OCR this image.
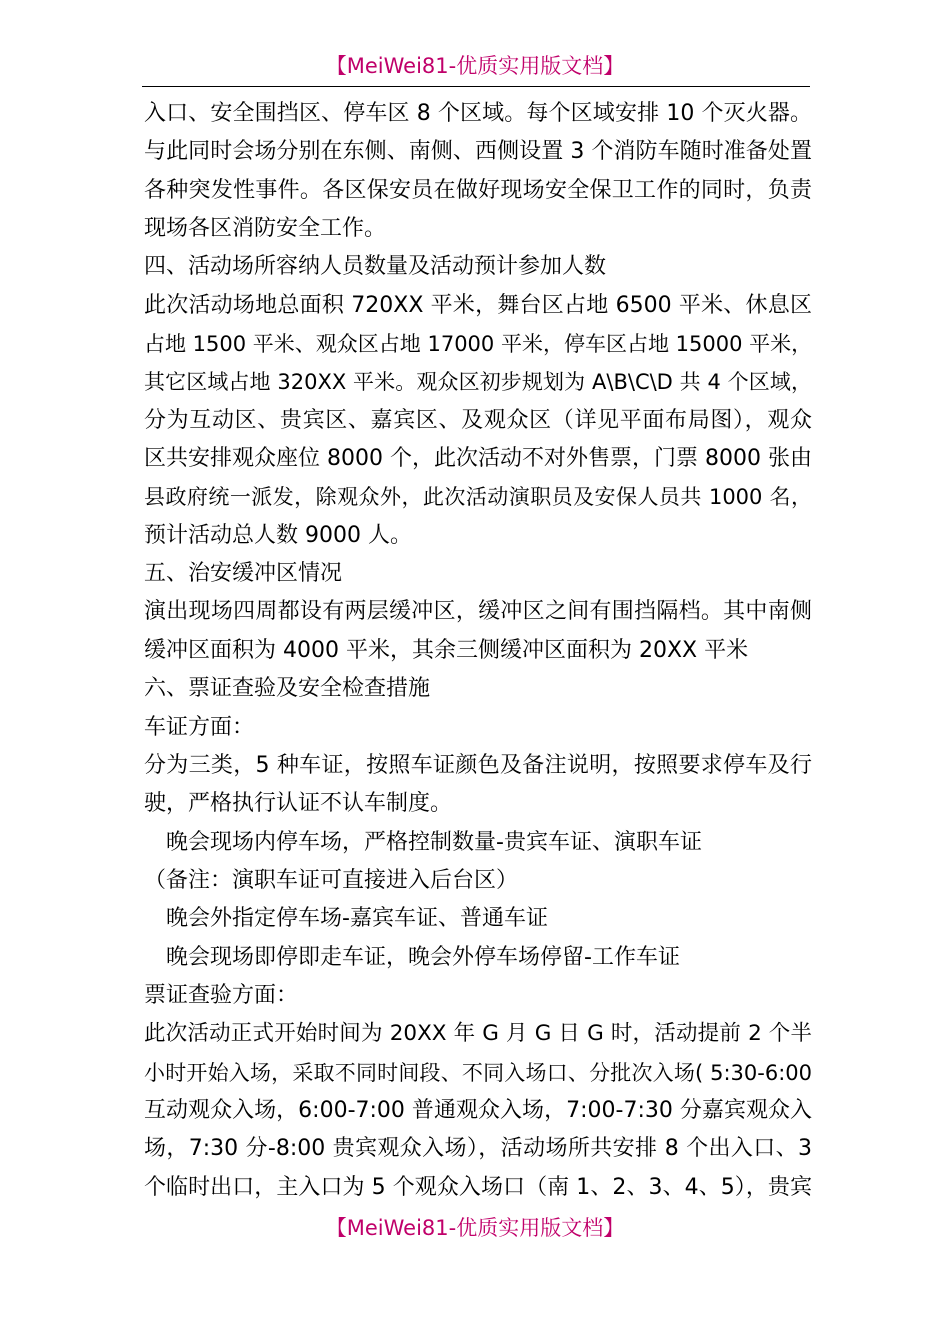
【MeiWei81-优质实用版文档】
入口、安全围挡区、停车区 8 个区域。每个区域安排 10 个灭火器。
与此同时会场分别在东侧、南侧、西侧设置 3 个消防车随时准备处置
各种突发性事件。各区保安员在做好现场安全保卫工作的同时，负责
现场各区消防安全工作。
四、活动场所容纳人员数量及活动预计参加人数
此次活动场地总面积 720XX 平米，舞台区占地 6500 平米、休息区
占地 1500 平米、观众区占地 17000 平米，停车区占地 15000 平米，
其它区域占地 320XX 平米。观众区初步规划为 A\B\C\D 共 4 个区域，
分为互动区、贵宾区、嘉宾区、及观众区（详见平面布局图），观众
区共安排观众座位 8000 个，此次活动不对外售票，门票 8000 张由
县政府统一派发，除观众外，此次活动演职员及安保人员共 1000 名，
预计活动总人数 9000 人。
五、治安缓冲区情况
演出现场四周都设有两层缓冲区，缓冲区之间有围挡隔档。其中南侧
缓冲区面积为 4000 平米，其余三侧缓冲区面积为 20XX 平米
六、票证查验及安全检查措施
车证方面：
分为三类，5 种车证，按照车证颜色及备注说明，按照要求停车及行
驶，严格执行认证不认车制度。
晚会现场内停车场，严格控制数量-贵宾车证、演职车证
（备注：演职车证可直接进入后台区）
晚会外指定停车场-嘉宾车证、普通车证
晚会现场即停即走车证，晚会外停车场停留-工作车证
票证查验方面：
此次活动正式开始时间为 20XX 年 G 月 G 日 G 时，活动提前 2 个半
小时开始入场，采取不同时间段、不同入场口、分批次入场( 5:30-6:00
互动观众入场，6:00-7:00 普通观众入场，7:00-7:30 分嘉宾观众入
场，7:30 分-8:00 贵宾观众入场），活动场所共安排 8 个出入口、3
个临时出口，主入口为 5 个观众入场口（南 1、2、3、4、5），贵宾
【MeiWei81-优质实用版文档】
